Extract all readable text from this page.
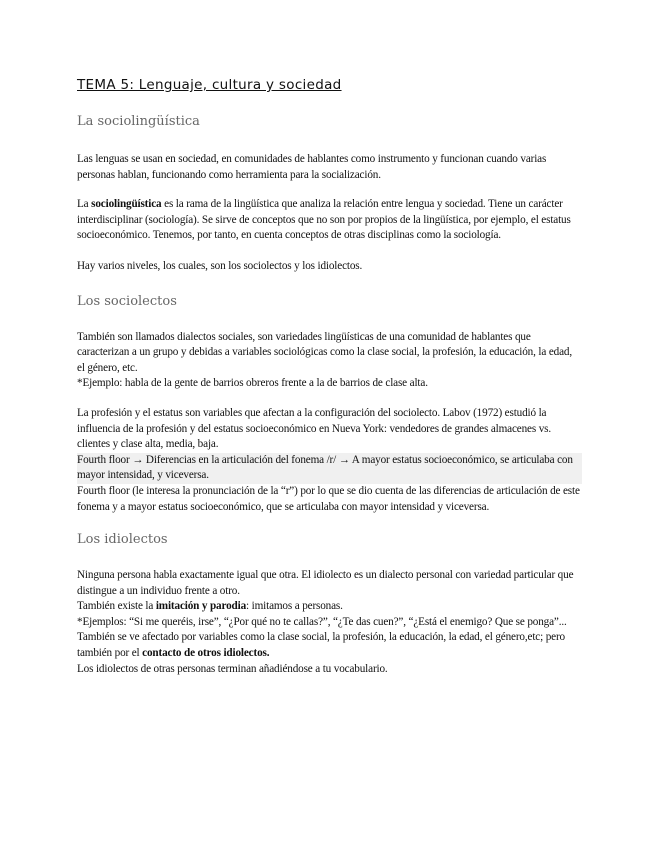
TEMA 5: Lenguaje, cultura y sociedad
La sociolingüística

Las lenguas se usan en sociedad, en comunidades de hablantes como instrumento y funcionan cuando varias personas hablan, funcionando como herramienta para la socialización.

La sociolingüística es la rama de la lingüística que analiza la relación entre lengua y sociedad. Tiene un carácter interdisciplinar (sociología). Se sirve de conceptos que no son por propios de la lingüística, por ejemplo, el estatus socioeconómico. Tenemos, por tanto, en cuenta conceptos de otras disciplinas como la sociología.

Hay varios niveles, los cuales, son los sociolectos y los idiolectos.

Los sociolectos

También son llamados dialectos sociales, son variedades lingüísticas de una comunidad de hablantes que caracterizan a un grupo y debidas a variables sociológicas como la clase social, la profesión, la educación, la edad, el género, etc.

*Ejemplo: habla de la gente de barrios obreros frente a la de barrios de clase alta.

La profesión y el estatus son variables que afectan a la configuración del sociolecto. Labov (1972) estudió la influencia de la profesión y del estatus socioeconómico en Nueva York: vendedores de grandes almacenes vs. clientes y clase alta, media, baja.

Fourth floor → Diferencias en la articulación del fonema /r/ → A mayor estatus socioeconómico, se articulaba con mayor intensidad, y viceversa.

Fourth floor (le interesa la pronunciación de la “r”) por lo que se dio cuenta de las diferencias de articulación de este fonema y a mayor estatus socioeconómico, que se articulaba con mayor intensidad y viceversa.

Los idiolectos

Ninguna persona habla exactamente igual que otra. El idiolecto es un dialecto personal con variedad particular que distingue a un individuo frente a otro.

También existe la imitación y parodia: imitamos a personas.

*Ejemplos: “Si me queréis, irse”, “¿Por qué no te callas?”, “¿Te das cuen?”, “¿Está el enemigo? Que se ponga”...

También se ve afectado por variables como la clase social, la profesión, la educación, la edad, el género,etc; pero también por el contacto de otros idiolectos.

Los idiolectos de otras personas terminan añadiéndose a tu vocabulario.
